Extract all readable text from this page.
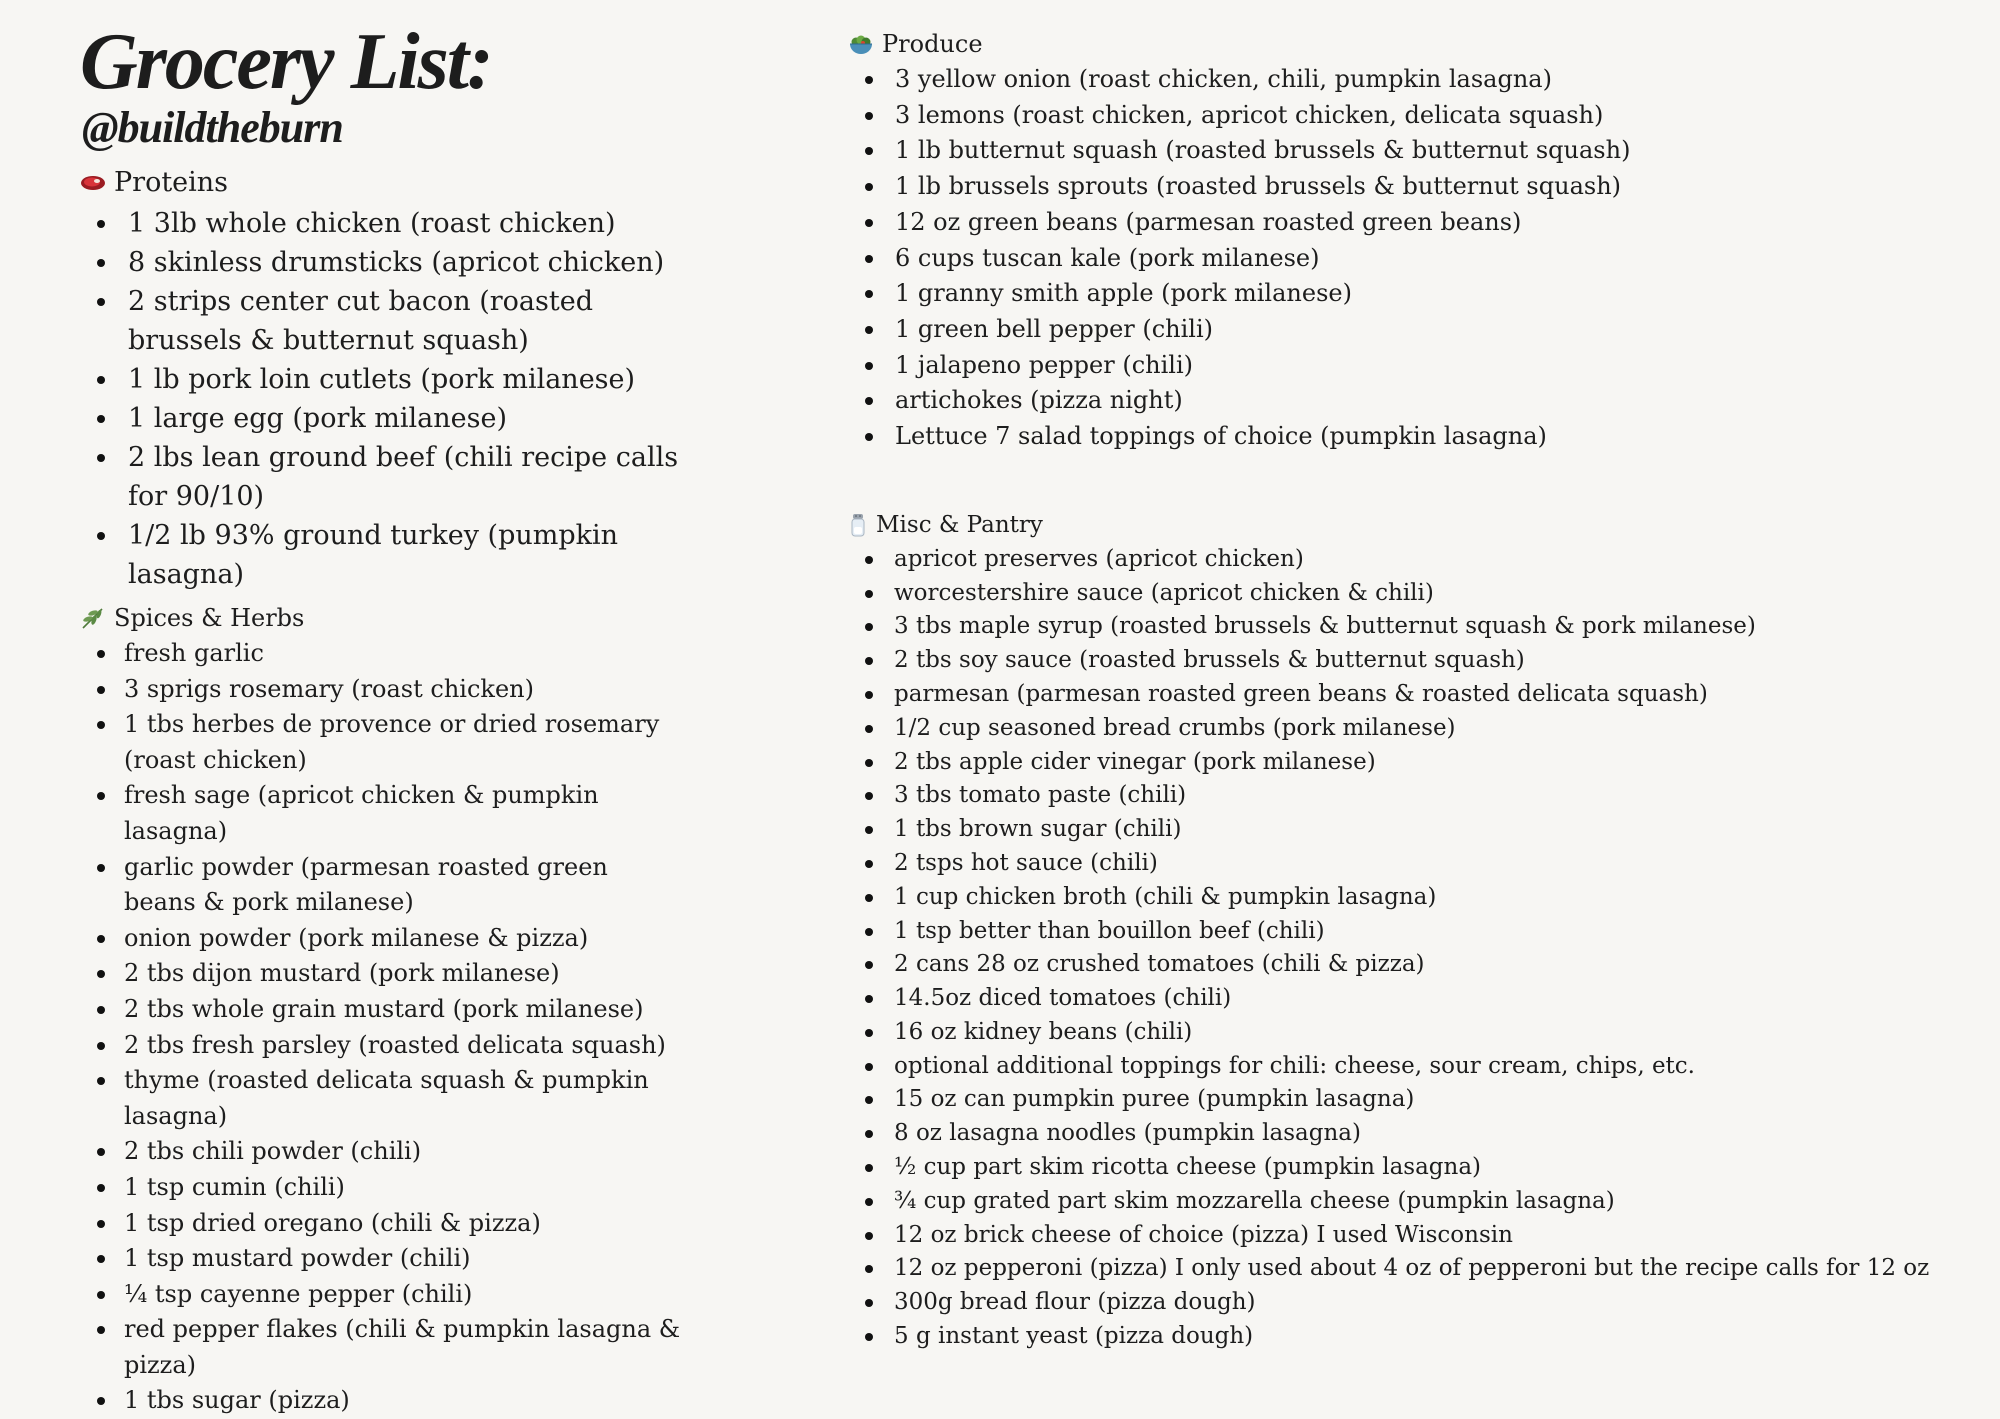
Grocery List:
@buildtheburn
Proteins
1 3lb whole chicken (roast chicken)
8 skinless drumsticks (apricot chicken)
2 strips center cut bacon (roasted brussels & butternut squash)
1 lb pork loin cutlets (pork milanese)
1 large egg (pork milanese)
2 lbs lean ground beef (chili recipe calls for 90/10)
1/2 lb 93% ground turkey (pumpkin lasagna)
Spices & Herbs
fresh garlic
3 sprigs rosemary (roast chicken)
1 tbs herbes de provence or dried rosemary (roast chicken)
fresh sage (apricot chicken & pumpkin lasagna)
garlic powder (parmesan roasted green beans & pork milanese)
onion powder (pork milanese & pizza)
2 tbs dijon mustard (pork milanese)
2 tbs whole grain mustard (pork milanese)
2 tbs fresh parsley (roasted delicata squash)
thyme (roasted delicata squash & pumpkin lasagna)
2 tbs chili powder (chili)
1 tsp cumin (chili)
1 tsp dried oregano (chili & pizza)
1 tsp mustard powder (chili)
¼ tsp cayenne pepper (chili)
red pepper flakes (chili & pumpkin lasagna & pizza)
1 tbs sugar (pizza)
Produce
3 yellow onion (roast chicken, chili, pumpkin lasagna)
3 lemons (roast chicken, apricot chicken, delicata squash)
1 lb butternut squash (roasted brussels & butternut squash)
1 lb brussels sprouts (roasted brussels & butternut squash)
12 oz green beans (parmesan roasted green beans)
6 cups tuscan kale (pork milanese)
1 granny smith apple (pork milanese)
1 green bell pepper (chili)
1 jalapeno pepper (chili)
artichokes (pizza night)
Lettuce 7 salad toppings of choice (pumpkin lasagna)
Misc & Pantry
apricot preserves (apricot chicken)
worcestershire sauce (apricot chicken & chili)
3 tbs maple syrup (roasted brussels & butternut squash & pork milanese)
2 tbs soy sauce (roasted brussels & butternut squash)
parmesan (parmesan roasted green beans & roasted delicata squash)
1/2 cup seasoned bread crumbs (pork milanese)
2 tbs apple cider vinegar (pork milanese)
3 tbs tomato paste (chili)
1 tbs brown sugar (chili)
2 tsps hot sauce (chili)
1 cup chicken broth (chili & pumpkin lasagna)
1 tsp better than bouillon beef (chili)
2 cans 28 oz crushed tomatoes (chili & pizza)
14.5oz diced tomatoes (chili)
16 oz kidney beans (chili)
optional additional toppings for chili: cheese, sour cream, chips, etc.
15 oz can pumpkin puree (pumpkin lasagna)
8 oz lasagna noodles (pumpkin lasagna)
½ cup part skim ricotta cheese (pumpkin lasagna)
¾ cup grated part skim mozzarella cheese (pumpkin lasagna)
12 oz brick cheese of choice (pizza) I used Wisconsin
12 oz pepperoni (pizza) I only used about 4 oz of pepperoni but the recipe calls for 12 oz
300g bread flour (pizza dough)
5 g instant yeast (pizza dough)
